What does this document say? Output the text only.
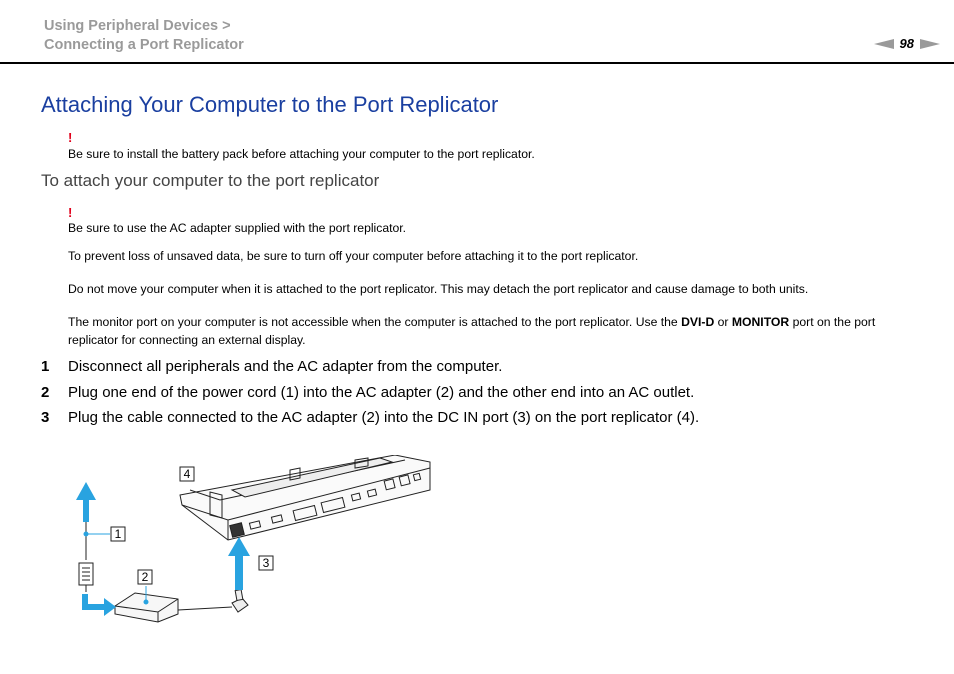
Using Peripheral Devices >
Connecting a Port Replicator	98
Attaching Your Computer to the Port Replicator
!
Be sure to install the battery pack before attaching your computer to the port replicator.
To attach your computer to the port replicator
!
Be sure to use the AC adapter supplied with the port replicator.
To prevent loss of unsaved data, be sure to turn off your computer before attaching it to the port replicator.
Do not move your computer when it is attached to the port replicator. This may detach the port replicator and cause damage to both units.
The monitor port on your computer is not accessible when the computer is attached to the port replicator. Use the DVI-D or MONITOR port on the port
replicator for connecting an external display.
1 Disconnect all peripherals and the AC adapter from the computer.
2 Plug one end of the power cord (1) into the AC adapter (2) and the other end into an AC outlet.
3 Plug the cable connected to the AC adapter (2) into the DC IN port (3) on the port replicator (4).
1
2
3
4
